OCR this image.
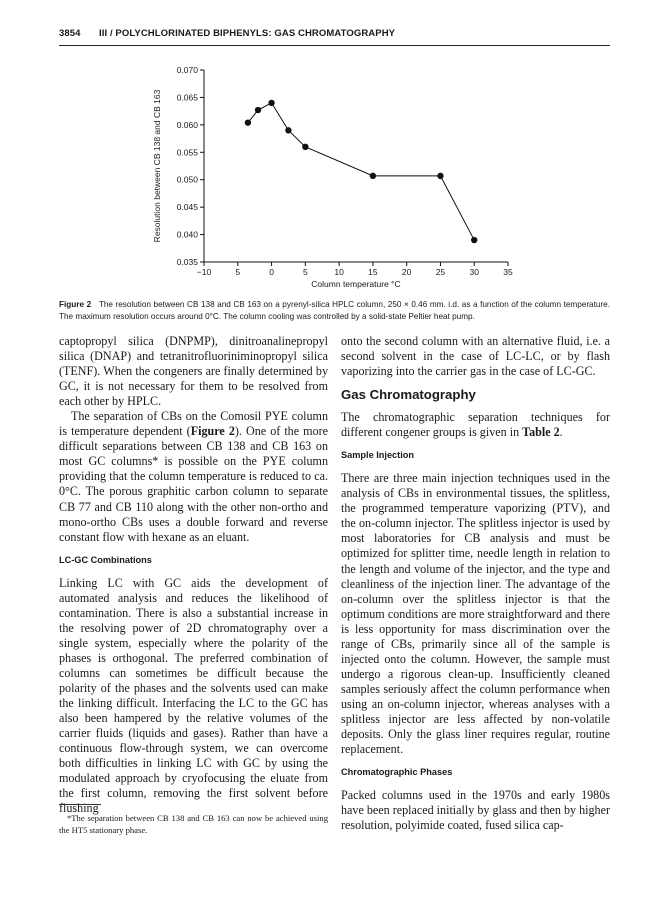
3854 III / POLYCHLORINATED BIPHENYLS: GAS CHROMATOGRAPHY
0.035
0.040
0.045
0.050
0.055
0.060
0.065
0.070
−10	5	0	5	10	15	20	25	30	35
Column temperature °C
Resolution between CB 138 and CB 163
Figure 2 The resolution between CB 138 and CB 163 on a pyrenyl-silica HPLC column, 250 × 0.46 mm. i.d. as a function of the column temperature. The maximum resolution occurs around 0°C. The column cooling was controlled by a solid-state Peltier heat pump.

captopropyl silica (DNPMP), dinitroanalinepropyl silica (DNAP) and tetranitrofluoriniminopropyl silica (TENF). When the congeners are finally determined by GC, it is not necessary for them to be resolved from each other by HPLC.

The separation of CBs on the Comosil PYE column is temperature dependent (Figure 2). One of the more difficult separations between CB 138 and CB 163 on most GC columns* is possible on the PYE column providing that the column temperature is reduced to ca. 0°C. The porous graphitic carbon column to separate CB 77 and CB 110 along with the other non-ortho and mono-ortho CBs uses a double forward and reverse constant flow with hexane as an eluant.

LC-GC Combinations

Linking LC with GC aids the development of automated analysis and reduces the likelihood of contamination. There is also a substantial increase in the resolving power of 2D chromatography over a single system, especially where the polarity of the phases is orthogonal. The preferred combination of columns can sometimes be difficult because the polarity of the phases and the solvents used can make the linking difficult. Interfacing the LC to the GC has also been hampered by the relative volumes of the carrier fluids (liquids and gases). Rather than have a continuous flow-through system, we can overcome both difficulties in linking LC with GC by using the modulated approach by cryofocusing the eluate from the first column, removing the first solvent before flushing

*The separation between CB 138 and CB 163 can now be achieved using the HT5 stationary phase.

onto the second column with an alternative fluid, i.e. a second solvent in the case of LC-LC, or by flash vaporizing into the carrier gas in the case of LC-GC.

Gas Chromatography

The chromatographic separation techniques for different congener groups is given in Table 2.

Sample Injection

There are three main injection techniques used in the analysis of CBs in environmental tissues, the splitless, the programmed temperature vaporizing (PTV), and the on-column injector. The splitless injector is used by most laboratories for CB analysis and must be optimized for splitter time, needle length in relation to the length and volume of the injector, and the type and cleanliness of the injection liner. The advantage of the on-column over the splitless injector is that the optimum conditions are more straightforward and there is less opportunity for mass discrimination over the range of CBs, primarily since all of the sample is injected onto the column. However, the sample must undergo a rigorous clean-up. Insufficiently cleaned samples seriously affect the column performance when using an on-column injector, whereas analyses with a splitless injector are less affected by non-volatile deposits. Only the glass liner requires regular, routine replacement.

Chromatographic Phases

Packed columns used in the 1970s and early 1980s have been replaced initially by glass and then by higher resolution, polyimide coated, fused silica cap-
